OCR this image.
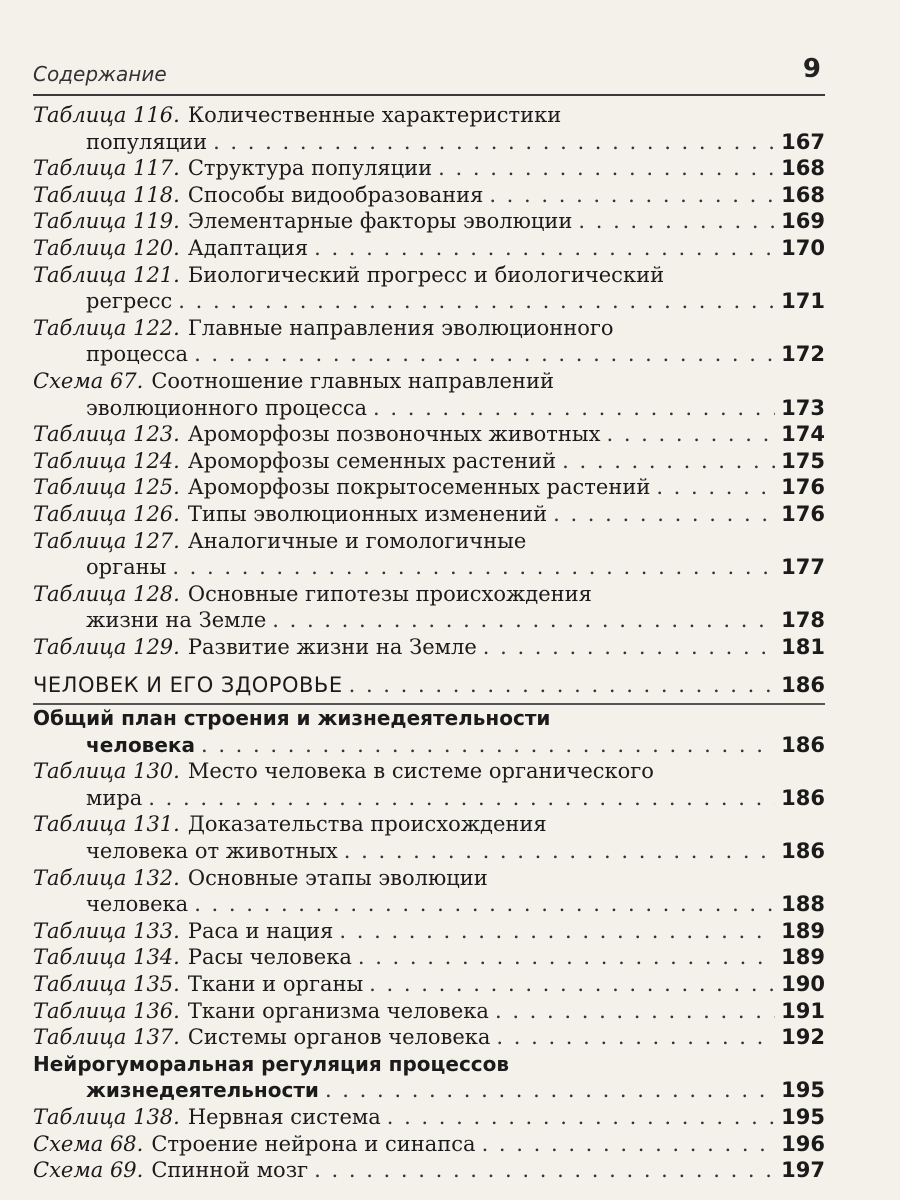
Содержание	9
Таблица 116. Количественные характеристики
популяции . . .	167
Таблица 117. Структура популяции . . .	168
Таблица 118. Способы видообразования . . .	168
Таблица 119. Элементарные факторы эволюции . . .	169
Таблица 120. Адаптация . . .	170
Таблица 121. Биологический прогресс и биологический
регресс . . .	171
Таблица 122. Главные направления эволюционного
процесса . . .	172
Схема 67. Соотношение главных направлений
эволюционного процесса . . .	173
Таблица 123. Ароморфозы позвоночных животных . . .	174
Таблица 124. Ароморфозы семенных растений . . .	175
Таблица 125. Ароморфозы покрытосеменных растений . . .	176
Таблица 126. Типы эволюционных изменений . . .	176
Таблица 127. Аналогичные и гомологичные
органы . . .	177
Таблица 128. Основные гипотезы происхождения
жизни на Земле . . .	178
Таблица 129. Развитие жизни на Земле . . .	181
ЧЕЛОВЕК И ЕГО ЗДОРОВЬЕ . . .	186
Общий план строения и жизнедеятельности
человека . . .	186
Таблица 130. Место человека в системе органического
мира . . .	186
Таблица 131. Доказательства происхождения
человека от животных . . .	186
Таблица 132. Основные этапы эволюции
человека . . .	188
Таблица 133. Раса и нация . . .	189
Таблица 134. Расы человека . . .	189
Таблица 135. Ткани и органы . . .	190
Таблица 136. Ткани организма человека . . .	191
Таблица 137. Системы органов человека . . .	192
Нейрогуморальная регуляция процессов
жизнедеятельности . . .	195
Таблица 138. Нервная система . . .	195
Схема 68. Строение нейрона и синапса . . .	196
Схема 69. Спинной мозг . . .	197
